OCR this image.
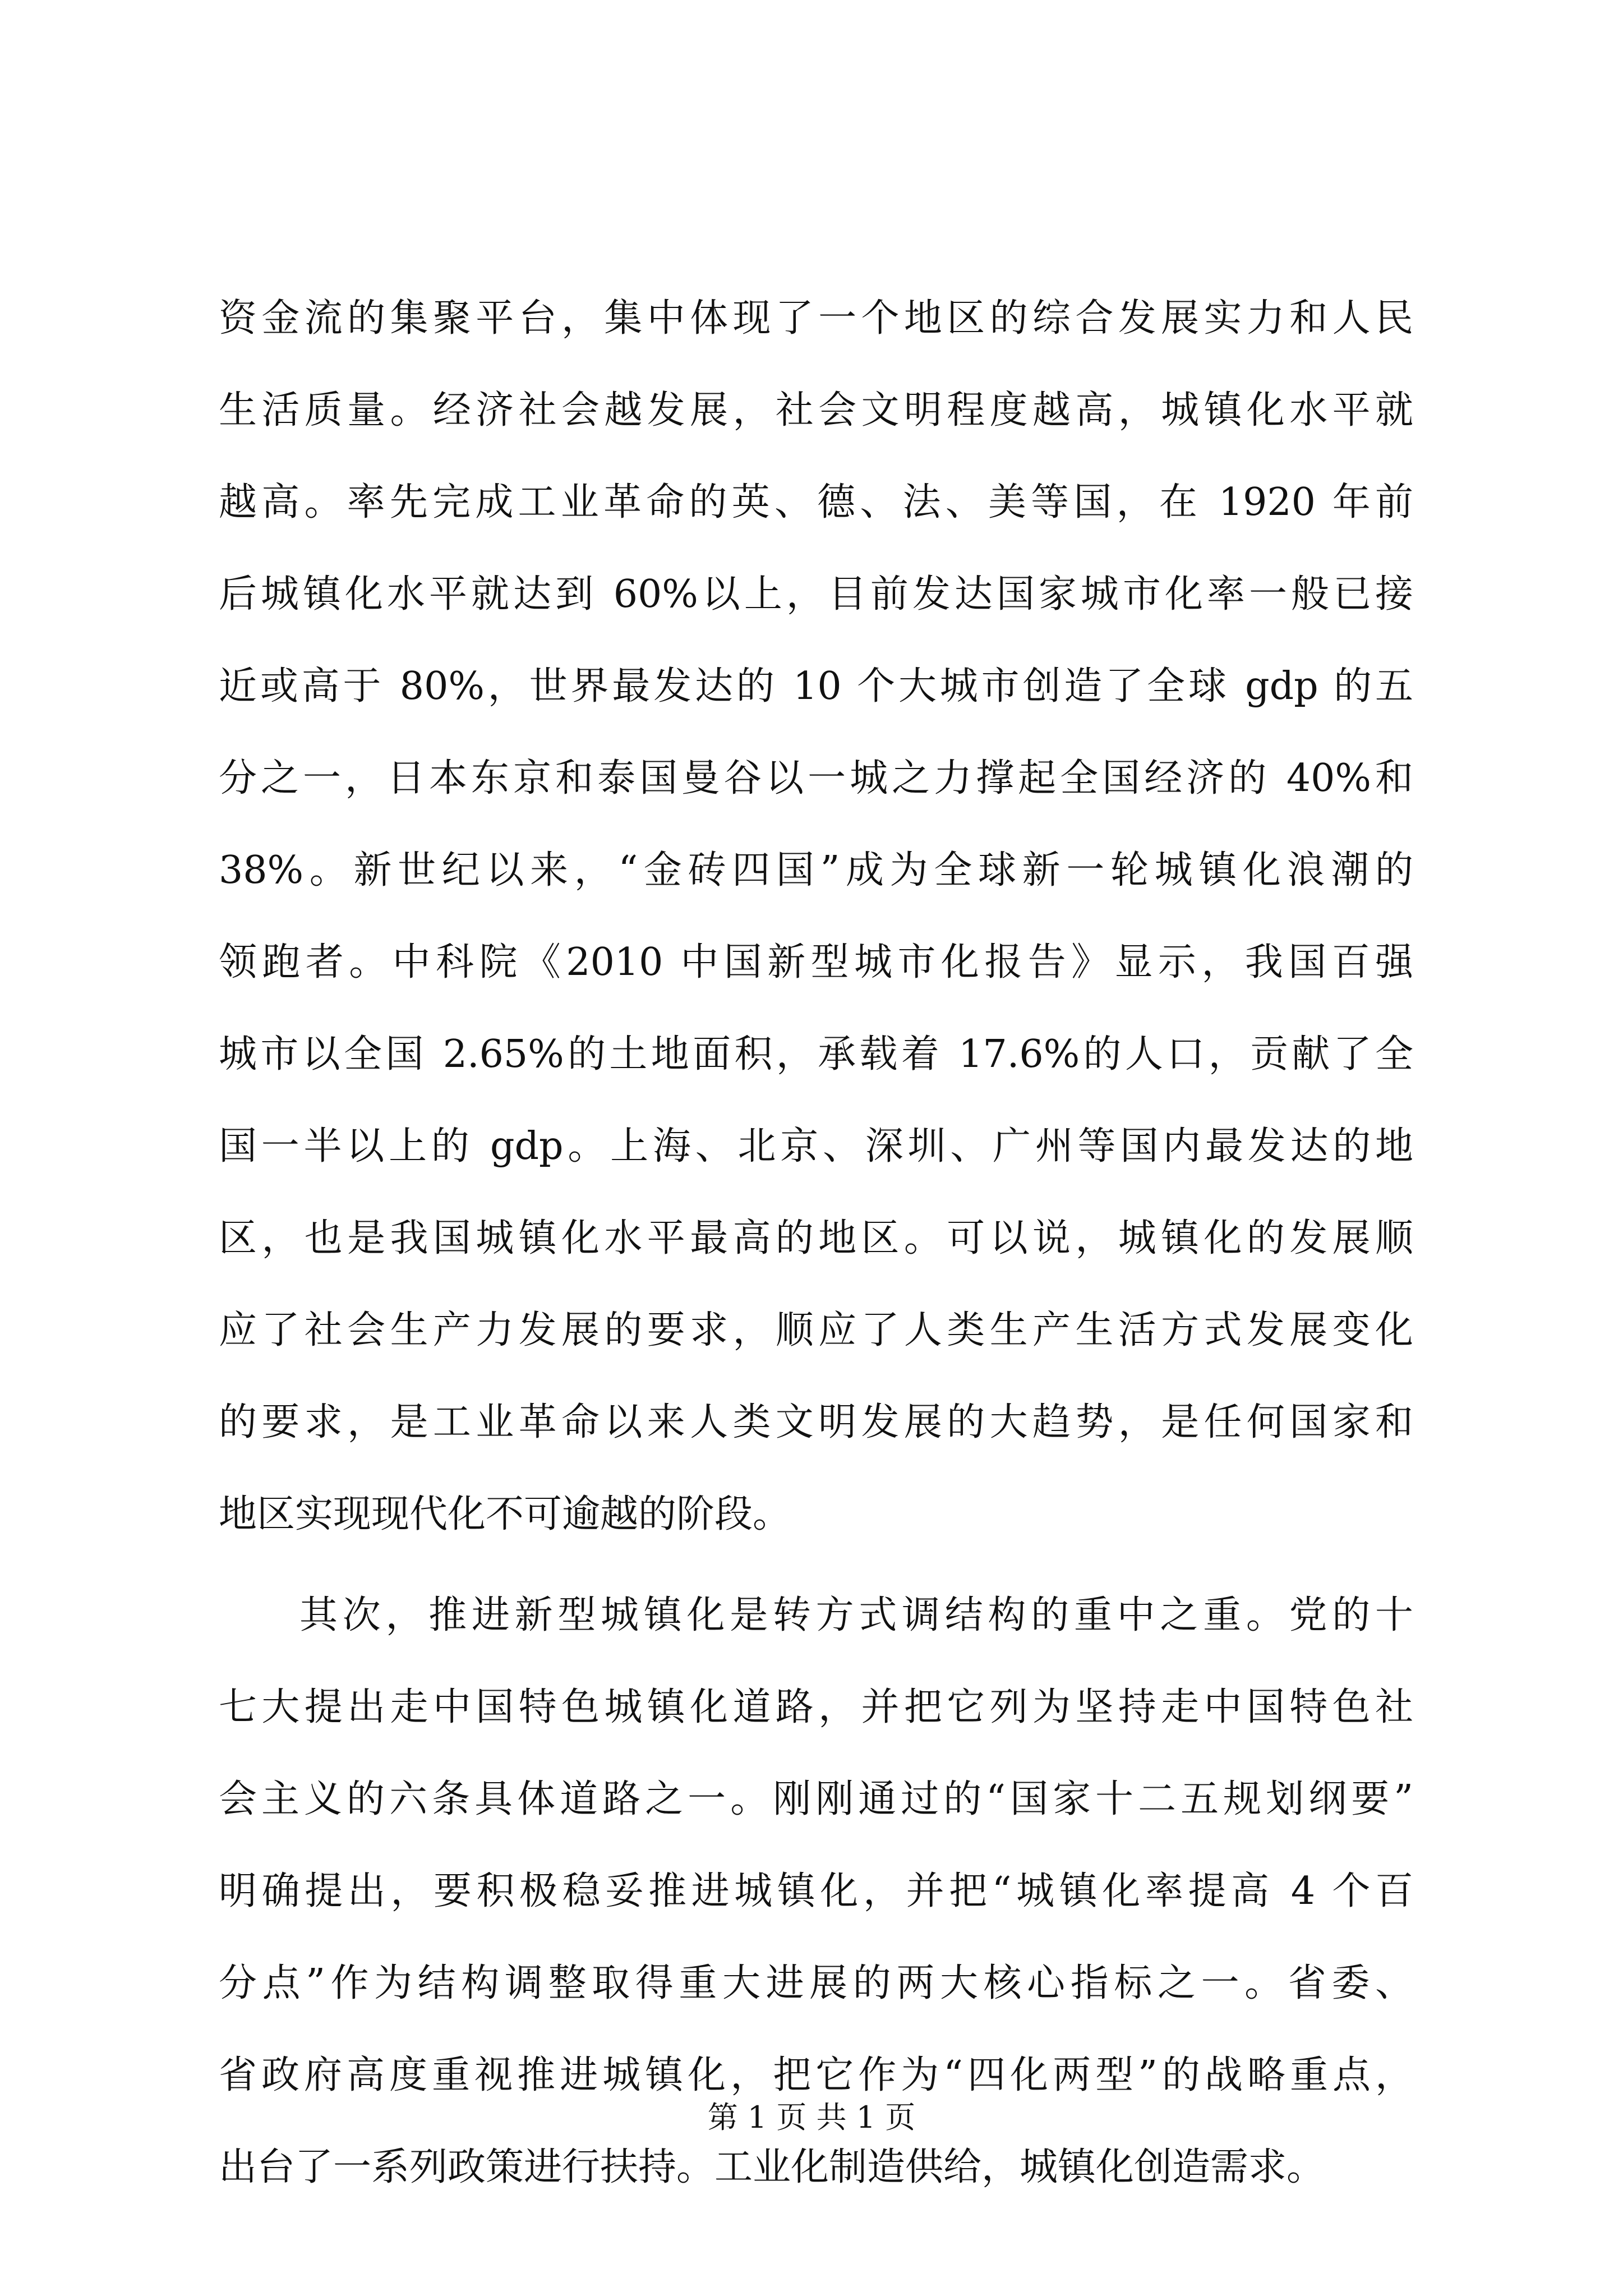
资金流的集聚平台，集中体现了一个地区的综合发展实力和人民
生活质量。经济社会越发展，社会文明程度越高，城镇化水平就
越高。率先完成工业革命的英、德、法、美等国，在 1920 年前
后城镇化水平就达到 60%以上，目前发达国家城市化率一般已接
近或高于 80%，世界最发达的 10 个大城市创造了全球 gdp 的五
分之一，日本东京和泰国曼谷以一城之力撑起全国经济的 40%和
38%。新世纪以来，“金砖四国”成为全球新一轮城镇化浪潮的
领跑者。中科院《2010 中国新型城市化报告》显示，我国百强
城市以全国 2.65%的土地面积，承载着 17.6%的人口，贡献了全
国一半以上的 gdp。上海、北京、深圳、广州等国内最发达的地
区，也是我国城镇化水平最高的地区。可以说，城镇化的发展顺
应了社会生产力发展的要求，顺应了人类生产生活方式发展变化
的要求，是工业革命以来人类文明发展的大趋势，是任何国家和
地区实现现代化不可逾越的阶段。
其次，推进新型城镇化是转方式调结构的重中之重。党的十
七大提出走中国特色城镇化道路，并把它列为坚持走中国特色社
会主义的六条具体道路之一。刚刚通过的“国家十二五规划纲要”
明确提出，要积极稳妥推进城镇化，并把“城镇化率提高 4 个百
分点”作为结构调整取得重大进展的两大核心指标之一。省委、
省政府高度重视推进城镇化，把它作为“四化两型”的战略重点，
出台了一系列政策进行扶持。工业化制造供给，城镇化创造需求。
第 1 页 共 1 页
